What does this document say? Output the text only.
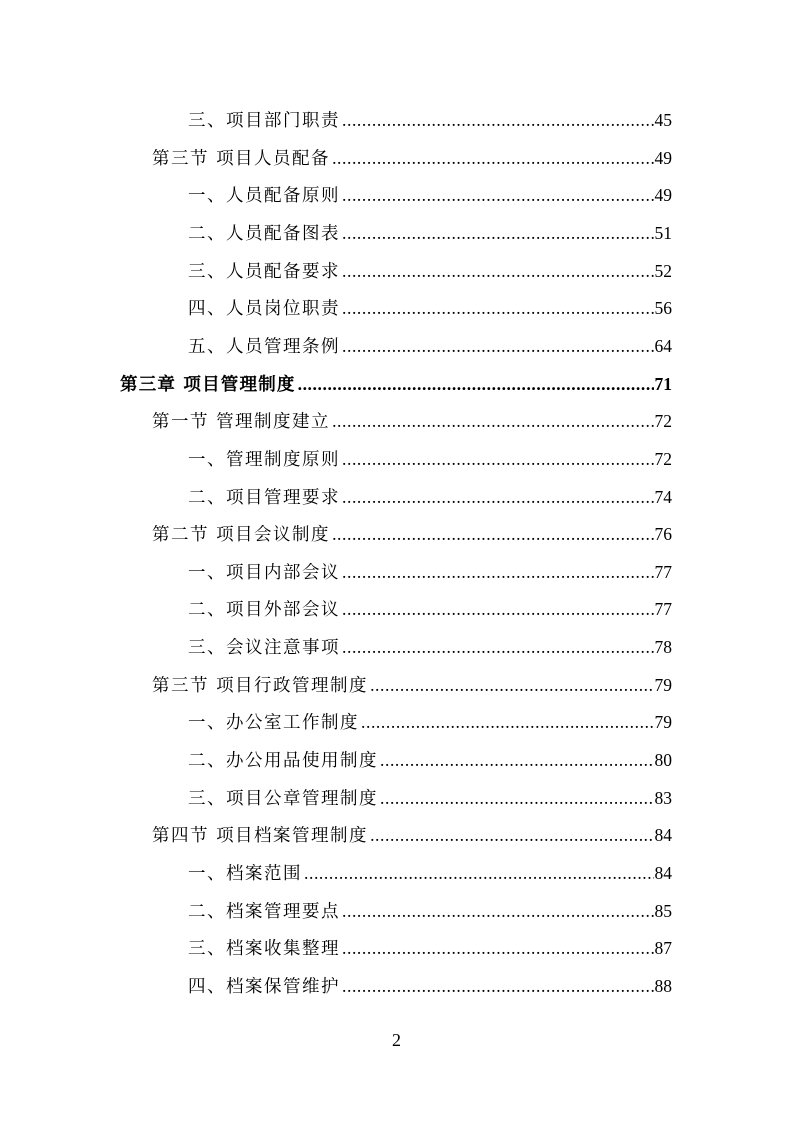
三、项目部门职责 .....	45
第三节 项目人员配备 .....	49
一、人员配备原则 .....	49
二、人员配备图表 .....	51
三、人员配备要求 .....	52
四、人员岗位职责 .....	56
五、人员管理条例 .....	64
第三章 项目管理制度 .....	71
第一节 管理制度建立 .....	72
一、管理制度原则 .....	72
二、项目管理要求 .....	74
第二节 项目会议制度 .....	76
一、项目内部会议 .....	77
二、项目外部会议 .....	77
三、会议注意事项 .....	78
第三节 项目行政管理制度 .....	79
一、办公室工作制度 .....	79
二、办公用品使用制度 .....	80
三、项目公章管理制度 .....	83
第四节 项目档案管理制度 .....	84
一、档案范围 .....	84
二、档案管理要点 .....	85
三、档案收集整理 .....	87
四、档案保管维护 .....	88
2
